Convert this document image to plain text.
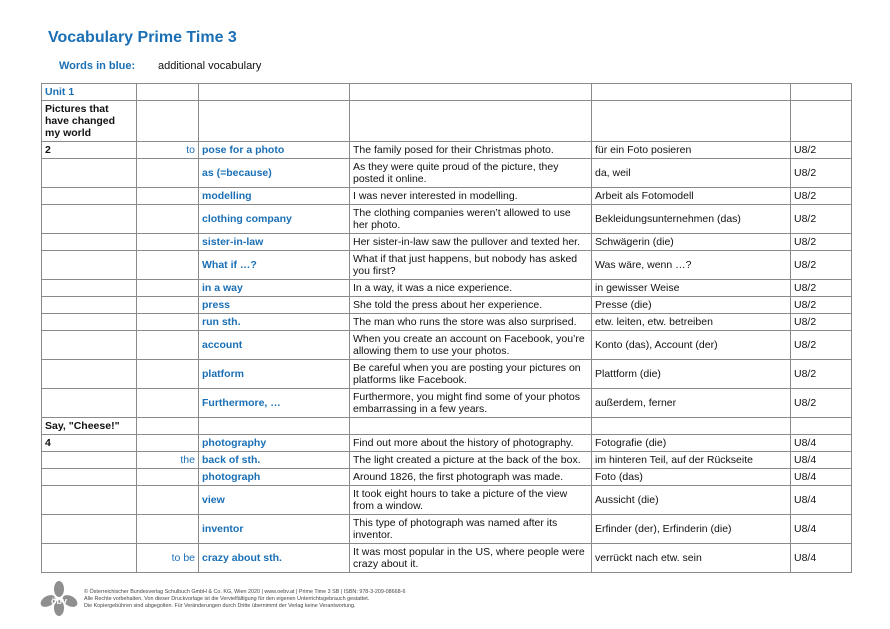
Vocabulary Prime Time 3
Words in blue: additional vocabulary
Unit 1					
Pictures that have changed my world					
2	to	pose for a photo	The family posed for their Christmas photo.	für ein Foto posieren	U8/2
		as (=because)	As they were quite proud of the picture, they posted it online.	da, weil	U8/2
		modelling	I was never interested in modelling.	Arbeit als Fotomodell	U8/2
		clothing company	The clothing companies weren’t allowed to use her photo.	Bekleidungsunternehmen (das)	U8/2
		sister-in-law	Her sister-in-law saw the pullover and texted her.	Schwägerin (die)	U8/2
		What if …?	What if that just happens, but nobody has asked you first?	Was wäre, wenn …?	U8/2
		in a way	In a way, it was a nice experience.	in gewisser Weise	U8/2
		press	She told the press about her experience.	Presse (die)	U8/2
		run sth.	The man who runs the store was also surprised.	etw. leiten, etw. betreiben	U8/2
		account	When you create an account on Facebook, you’re allowing them to use your photos.	Konto (das), Account (der)	U8/2
		platform	Be careful when you are posting your pictures on platforms like Facebook.	Plattform (die)	U8/2
		Furthermore, …	Furthermore, you might find some of your photos embarrassing in a few years.	außerdem, ferner	U8/2
Say, "Cheese!"					
4		photography	Find out more about the history of photography.	Fotografie (die)	U8/4
	the	back of sth.	The light created a picture at the back of the box.	im hinteren Teil, auf der Rückseite	U8/4
		photograph	Around 1826, the first photograph was made.	Foto (das)	U8/4
		view	It took eight hours to take a picture of the view from a window.	Aussicht (die)	U8/4
		inventor	This type of photograph was named after its inventor.	Erfinder (der), Erfinderin (die)	U8/4
	to be	crazy about sth.	It was most popular in the US, where people were crazy about it.	verrückt nach etw. sein	U8/4
öbv
© Österreichischer Bundesverlag Schulbuch GmbH & Co. KG, Wien 2020 | www.oebv.at | Prime Time 3 SB | ISBN: 978-3-209-08668-6
Alle Rechte vorbehalten. Von dieser Druckvorlage ist die Vervielfältigung für den eigenen Unterrichtsgebrauch gestattet.
Die Kopiergebühren sind abgegolten. Für Veränderungen durch Dritte übernimmt der Verlag keine Verantwortung.
